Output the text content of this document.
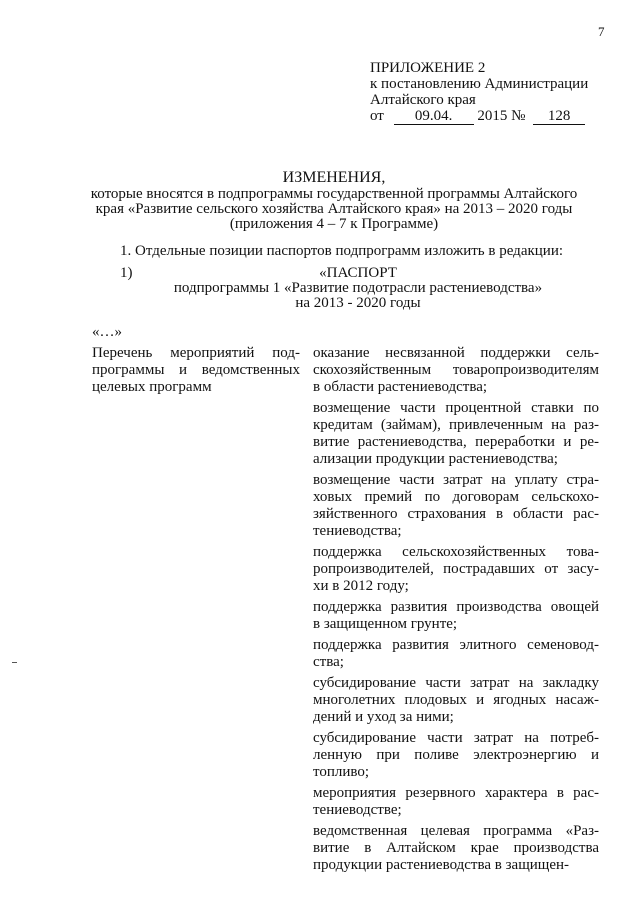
7
ПРИЛОЖЕНИЕ 2
к постановлению Администрации
Алтайского края
от 09.04. 2015 № 128
ИЗМЕНЕНИЯ,
которые вносятся в подпрограммы государственной программы Алтайского
края «Развитие сельского хозяйства Алтайского края» на 2013 – 2020 годы
(приложения 4 – 7 к Программе)
1. Отдельные позиции паспортов подпрограмм изложить в редакции:
1)	«ПАСПОРТ
подпрограммы 1 «Развитие подотрасли растениеводства»
на 2013 - 2020 годы
«…»
Перечень мероприятий под-
программы и ведомственных
целевых программ
оказание несвязанной поддержки сель-
скохозяйственным товаропроизводителям
в области растениеводства;
возмещение части процентной ставки по
кредитам (займам), привлеченным на раз-
витие растениеводства, переработки и ре-
ализации продукции растениеводства;
возмещение части затрат на уплату стра-
ховых премий по договорам сельскохо-
зяйственного страхования в области рас-
тениеводства;
поддержка сельскохозяйственных това-
ропроизводителей, пострадавших от засу-
хи в 2012 году;
поддержка развития производства овощей
в защищенном грунте;
поддержка развития элитного семеновод-
ства;
субсидирование части затрат на закладку
многолетних плодовых и ягодных насаж-
дений и уход за ними;
субсидирование части затрат на потреб-
ленную при поливе электроэнергию и
топливо;
мероприятия резервного характера в рас-
тениеводстве;
ведомственная целевая программа «Раз-
витие в Алтайском крае производства
продукции растениеводства в защищен-
